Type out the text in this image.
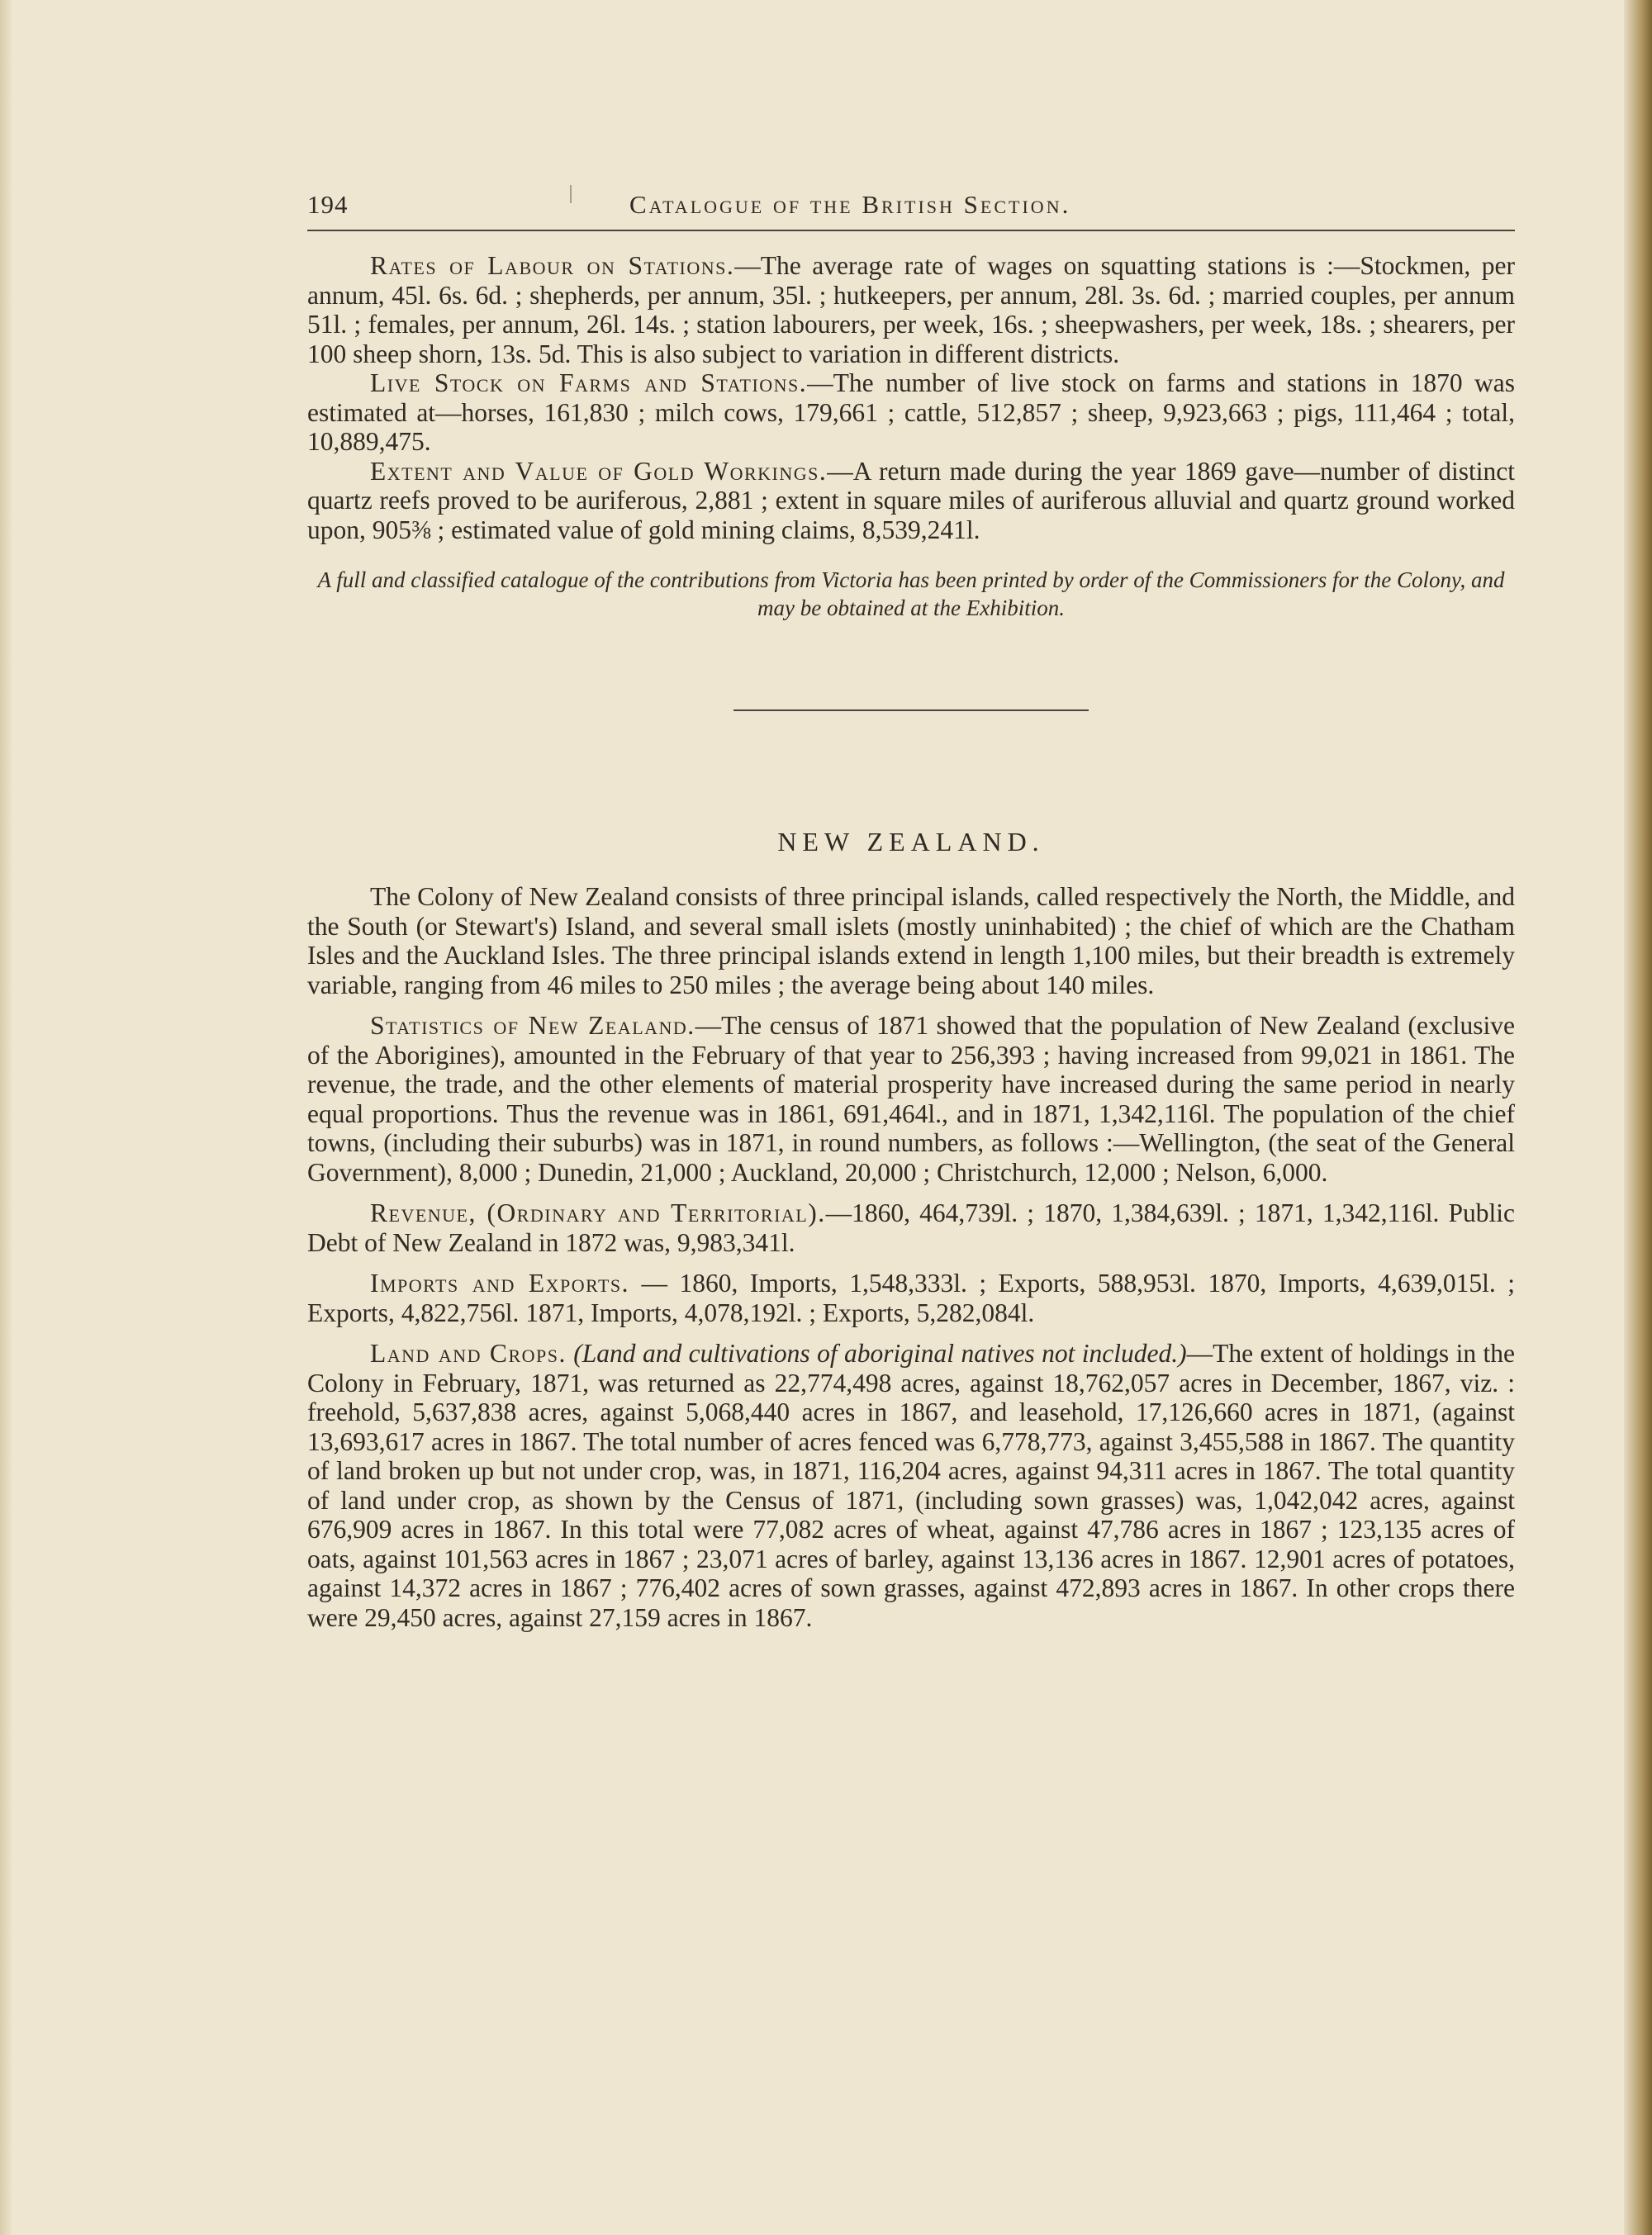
194	Catalogue of the British Section.

Rates of Labour on Stations.—The average rate of wages on squatting stations is :—Stockmen, per annum, 45l. 6s. 6d. ; shepherds, per annum, 35l. ; hutkeepers, per annum, 28l. 3s. 6d. ; married couples, per annum 51l. ; females, per annum, 26l. 14s. ; station labourers, per week, 16s. ; sheepwashers, per week, 18s. ; shearers, per 100 sheep shorn, 13s. 5d. This is also subject to variation in different districts.

Live Stock on Farms and Stations.—The number of live stock on farms and stations in 1870 was estimated at—horses, 161,830 ; milch cows, 179,661 ; cattle, 512,857 ; sheep, 9,923,663 ; pigs, 111,464 ; total, 10,889,475.

Extent and Value of Gold Workings.—A return made during the year 1869 gave—number of distinct quartz reefs proved to be auriferous, 2,881 ; extent in square miles of auriferous alluvial and quartz ground worked upon, 905⅜ ; estimated value of gold mining claims, 8,539,241l.

A full and classified catalogue of the contributions from Victoria has been printed by order of the Commissioners for the Colony, and may be obtained at the Exhibition.
NEW ZEALAND.

The Colony of New Zealand consists of three principal islands, called respectively the North, the Middle, and the South (or Stewart's) Island, and several small islets (mostly uninhabited) ; the chief of which are the Chatham Isles and the Auckland Isles. The three principal islands extend in length 1,100 miles, but their breadth is extremely variable, ranging from 46 miles to 250 miles ; the average being about 140 miles.

Statistics of New Zealand.—The census of 1871 showed that the population of New Zealand (exclusive of the Aborigines), amounted in the February of that year to 256,393 ; having increased from 99,021 in 1861. The revenue, the trade, and the other elements of material prosperity have increased during the same period in nearly equal proportions. Thus the revenue was in 1861, 691,464l., and in 1871, 1,342,116l. The population of the chief towns, (including their suburbs) was in 1871, in round numbers, as follows :—Wellington, (the seat of the General Government), 8,000 ; Dunedin, 21,000 ; Auckland, 20,000 ; Christchurch, 12,000 ; Nelson, 6,000.

Revenue, (Ordinary and Territorial).—1860, 464,739l. ; 1870, 1,384,639l. ; 1871, 1,342,116l. Public Debt of New Zealand in 1872 was, 9,983,341l.

Imports and Exports. — 1860, Imports, 1,548,333l. ; Exports, 588,953l. 1870, Imports, 4,639,015l. ; Exports, 4,822,756l. 1871, Imports, 4,078,192l. ; Exports, 5,282,084l.

Land and Crops. (Land and cultivations of aboriginal natives not included.)—The extent of holdings in the Colony in February, 1871, was returned as 22,774,498 acres, against 18,762,057 acres in December, 1867, viz. : freehold, 5,637,838 acres, against 5,068,440 acres in 1867, and leasehold, 17,126,660 acres in 1871, (against 13,693,617 acres in 1867. The total number of acres fenced was 6,778,773, against 3,455,588 in 1867. The quantity of land broken up but not under crop, was, in 1871, 116,204 acres, against 94,311 acres in 1867. The total quantity of land under crop, as shown by the Census of 1871, (including sown grasses) was, 1,042,042 acres, against 676,909 acres in 1867. In this total were 77,082 acres of wheat, against 47,786 acres in 1867 ; 123,135 acres of oats, against 101,563 acres in 1867 ; 23,071 acres of barley, against 13,136 acres in 1867. 12,901 acres of potatoes, against 14,372 acres in 1867 ; 776,402 acres of sown grasses, against 472,893 acres in 1867. In other crops there were 29,450 acres, against 27,159 acres in 1867.
